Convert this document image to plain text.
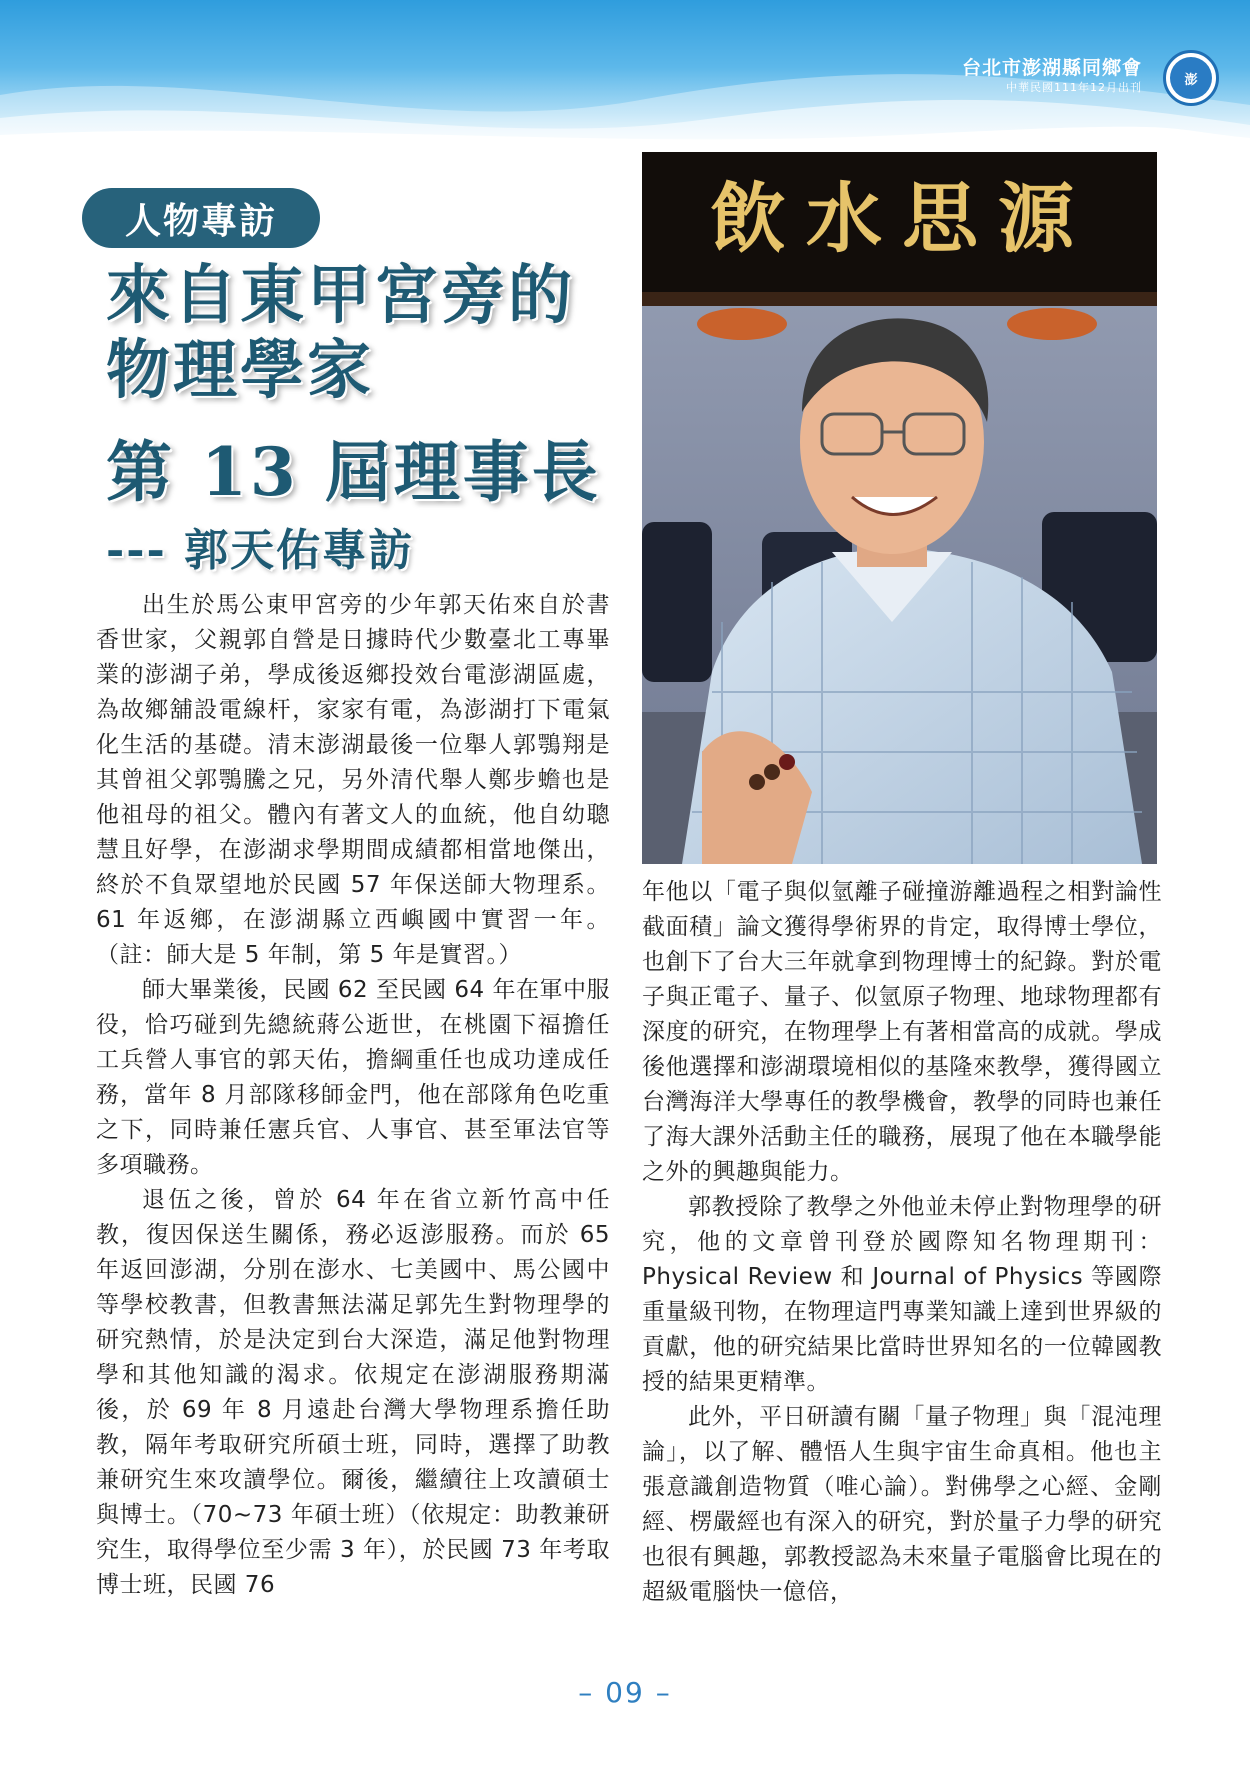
台北市澎湖縣同鄉會
中華民國111年12月出刊	澎
人物專訪
來自東甲宮旁的
物理學家
第 13 屆理事長
--- 郭天佑專訪

出生於馬公東甲宮旁的少年郭天佑來自於書香世家，父親郭自營是日據時代少數臺北工專畢業的澎湖子弟，學成後返鄉投效台電澎湖區處，為故鄉舖設電線杆，家家有電，為澎湖打下電氣化生活的基礎。清末澎湖最後一位舉人郭鶚翔是其曾祖父郭鶚騰之兄，另外清代舉人鄭步蟾也是他祖母的祖父。體內有著文人的血統，他自幼聰慧且好學，在澎湖求學期間成績都相當地傑出，終於不負眾望地於民國 57 年保送師大物理系。61 年返鄉，在澎湖縣立西嶼國中實習一年。（註：師大是 5 年制，第 5 年是實習。）

師大畢業後，民國 62 至民國 64 年在軍中服役，恰巧碰到先總統蔣公逝世，在桃園下福擔任工兵營人事官的郭天佑，擔綱重任也成功達成任務，當年 8 月部隊移師金門，他在部隊角色吃重之下，同時兼任憲兵官、人事官、甚至軍法官等多項職務。

退伍之後，曾於 64 年在省立新竹高中任教，復因保送生關係，務必返澎服務。而於 65 年返回澎湖，分別在澎水、七美國中、馬公國中等學校教書，但教書無法滿足郭先生對物理學的研究熱情，於是決定到台大深造，滿足他對物理學和其他知識的渴求。依規定在澎湖服務期滿後，於 69 年 8 月遠赴台灣大學物理系擔任助教，隔年考取研究所碩士班，同時，選擇了助教兼研究生來攻讀學位。爾後，繼續往上攻讀碩士與博士。（70~73 年碩士班）（依規定：助教兼研究生，取得學位至少需 3 年），於民國 73 年考取博士班，民國 76

飲水思源

年他以「電子與似氫離子碰撞游離過程之相對論性截面積」論文獲得學術界的肯定，取得博士學位，也創下了台大三年就拿到物理博士的紀錄。對於電子與正電子、量子、似氫原子物理、地球物理都有深度的研究，在物理學上有著相當高的成就。學成後他選擇和澎湖環境相似的基隆來教學，獲得國立台灣海洋大學專任的教學機會，教學的同時也兼任了海大課外活動主任的職務，展現了他在本職學能之外的興趣與能力。

郭教授除了教學之外他並未停止對物理學的研究，他的文章曾刊登於國際知名物理期刊：Physical Review 和 Journal of Physics 等國際重量級刊物，在物理這門專業知識上達到世界級的貢獻，他的研究結果比當時世界知名的一位韓國教授的結果更精準。

此外，平日研讀有關「量子物理」與「混沌理論」，以了解、體悟人生與宇宙生命真相。他也主張意識創造物質（唯心論）。對佛學之心經、金剛經、楞嚴經也有深入的研究，對於量子力學的研究也很有興趣，郭教授認為未來量子電腦會比現在的超級電腦快一億倍，

– 09 –
